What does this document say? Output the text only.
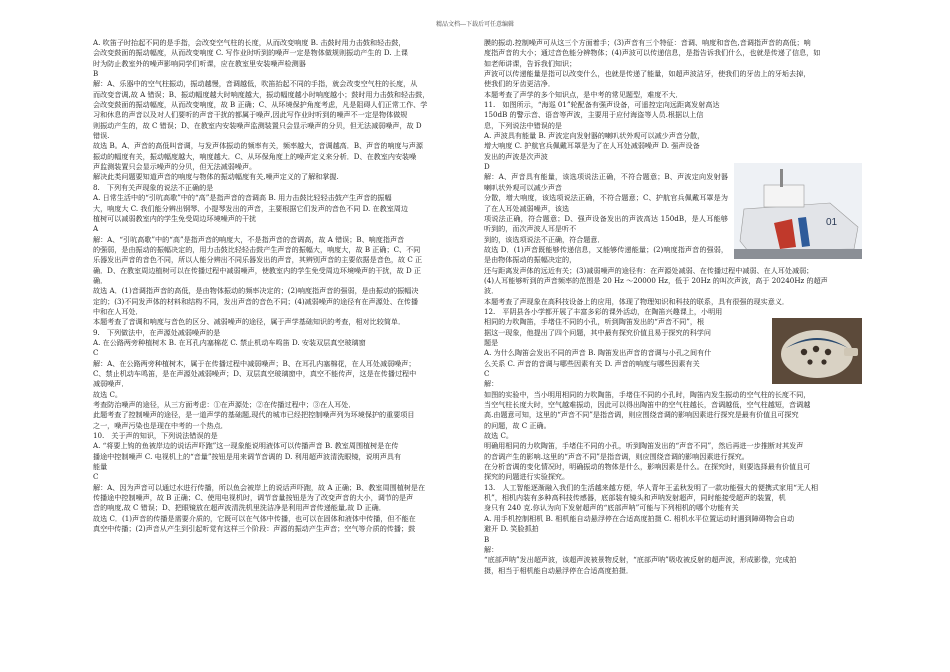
精品文档---下载后可任意编辑

A. 吹笛子时抬起不同的是手指，会改变空气柱的长度，从而改变响度 B. 击鼓时用力击鼓和轻击鼓，

会改变鼓面的振动幅度，从而改变响度 C. 写作业时听到的噪声一定是物体做规则振动产生的 D. 上课

时为防止教室外的噪声影响同学们听课，应在教室里安装噪声检测器

B

解：A、乐器中的空气柱振动，振动越慢，音调越低，吹笛抬起不同的手指，就会改变空气柱的长度，从

而改变音调,故 A 错误；B、振动幅度越大时响度越大，振动幅度越小时响度越小；鼓时用力击鼓和轻击鼓，

会改变鼓面的振动幅度，从而改变响度，故 B 正确；C、从环境保护角度考虑，凡是阻碍人们正常工作、学

习和休息的声音以及对人们要听的声音干扰的都属于噪声,因此写作业时听到的噪声不一定是物体做规

则振动产生的，故 C 错误；D、在教室内安装噪声监测装置只会显示噪声的分贝，但无法减弱噪声，故 D

错误.

故选 B。A、声音的高低叫音调，与发声体振动的频率有关，频率越大，音调越高．B、声音的响度与声源

振动的幅度有关，振动幅度越大，响度越大．C、从环保角度上的噪声定义来分析．D、在教室内安装噪

声监测装置只会显示噪声的分贝，但无法减弱噪声。

解决此类问题要知道声音的响度与物体的振动幅度有关,噪声定义的了解和掌握.

8.　下列有关声现象的说法不正确的是

A. 日常生活中的“引吭高歌”中的“高”是指声音的音调高 B. 用力击鼓比轻轻击鼓产生声音的振幅

大，响度大 C. 我们能分辨出钢琴、小提琴发出的声音，主要根据它们发声的音色不同 D. 在教室周边

植树可以减弱教室内的学生免受周边环境噪声的干扰

A

解：A、“引吭高歌”中的“高”是指声音的响度大，不是指声音的音调高，故 A 错误；B、响度指声音

的强弱，是由振动的振幅决定的，用力击鼓比轻轻击鼓产生声音的振幅大，响度大，故 B 正确；C、不同

乐器发出声音的音色不同，所以人能分辨出不同乐器发出的声音，其辨别声音的主要依据是音色，故 C 正

确．D、在教室周边植树可以在传播过程中减弱噪声，使教室内的学生免受周边环境噪声的干扰，故 D 正

确．

故选 A．(1)音调指声音的高低，是由物体振动的频率决定的；(2)响度指声音的强弱，是由振动的振幅决

定的；(3)不同发声体的材料和结构不同，发出声音的音色不同；(4)减弱噪声的途径有在声源处、在传播

中和在人耳处．

本题考查了音调和响度与音色的区分、减弱噪声的途径，属于声学基础知识的考查，相对比较简单．

9.　下列做法中，在声源处减弱噪声的是

A. 在公路两旁种植树木 B. 在耳孔内塞棉花 C. 禁止机动车鸣笛 D. 安装双层真空玻璃窗

C

解：A、在公路两旁种植树木，属于在传播过程中减弱噪声；B、在耳孔内塞棉花，在人耳处减弱噪声；

C、禁止机动车鸣笛，是在声源处减弱噪声；D、双层真空玻璃窗中，真空不能传声，这是在传播过程中

减弱噪声．

故选 C。

考查防治噪声的途径，从三方面考虑：①在声源处；②在传播过程中；③在人耳处．

此题考查了控制噪声的途径，是一道声学的基础题,现代的城市已经把控制噪声列为环境保护的重要项目

之一，噪声污染也是现在中考的一个热点．

10.　关于声的知识，下列说法错误的是

A. “将要上钩的鱼被岸边的说话声吓跑”这一现象能说明液体可以传播声音 B. 教室周围植树是在传

播途中控制噪声 C. 电视机上的“音量”按钮是用来调节音调的 D. 利用超声波清洗眼镜，说明声具有

能量

C

解：A、因为声音可以通过水进行传播，所以鱼会被岸上的说话声吓跑，故 A 正确；B、教室周围植树是在

传播途中控制噪声，故 B 正确；C、使用电视机时，调节音量按钮是为了改变声音的大小，调节的是声

音的响度,故 C 错误；D、把眼镜放在超声波清洗机里洗洁净是利用声音传递能量,故 D 正确．

故选 C．(1)声音的传播是需要介质的，它既可以在气体中传播，也可以在固体和液体中传播，但不能在

真空中传播；(2)声音从产生到引起听觉有这样三个阶段：声源的振动产生声音；空气等介质的传播；鼓

膜的振动.控制噪声可从这三个方面着手；(3)声音有三个特征：音调、响度和音色,音调指声音的高低；响

度指声音的大小；通过音色能分辨物体；(4)声波可以传递信息，是指告诉我们什么，也就是传递了信息，如

如老师讲课，告诉我们知识；

声波可以传递能量是指可以改变什么，也就是传递了能量，如超声波洁牙，使我们的牙齿上的牙垢去掉，

使我们的牙齿更洁净．

本题考查了声学的多个知识点，是中考的常见题型，难度不大．

11.　如图所示，“海巡 01”轮配备有强声设备，可遥控定向远距离发射高达

150dB 的警示音、语音等声波，主要用于应付海盗等人员.根据以上信

息，下列说法中错误的是

A. 声波具有能量 B. 声波定向发射器的喇叭状外观可以减少声音分散，

增大响度 C. 护航官兵佩戴耳罩是为了在人耳处减弱噪声 D. 强声设备

发出的声波是次声波

01

D

解：A、声音具有能量，该选项说法正确，不符合题意；B、声波定向发射器喇叭状外观可以减少声音

分散，增大响度，该选项说法正确，不符合题意；C、护航官兵佩戴耳罩是为了在人耳处减弱噪声，该选

项说法正确，符合题意；D、强声设备发出的声波高达 150dB，是人耳能够听到的，而次声波人耳是听不

到的，该选项说法不正确，符合题意．

故选 D．(1)声音既能够传递信息，又能够传递能量；(2)响度指声音的强弱，是由物体振动的振幅决定的，

还与距离发声体的远近有关；(3)减弱噪声的途径有：在声源处减弱、在传播过程中减弱、在人耳处减弱；

(4)人耳能够听到的声音频率的范围是 20 Hz ～20000 Hz，低于 20Hz 的叫次声波，高于 20240Hz 的超声

波．

本题考查了声现象在高科技设备上的应用，体现了物理知识和科技的联系，具有很强的现实意义．

12.　平阴县各小学都开展了丰富多彩的课外活动，在陶笛兴趣课上，小明用

相同的力吹陶笛，手堵住不同的小孔，听到陶笛发出的“声音不同”，根

据这一现象，他提出了四个问题，其中最有探究价值且易于探究的科学问

题是

A. 为什么陶笛会发出不同的声音 B. 陶笛发出声音的音调与小孔之间有什

么关系 C. 声音的音调与哪些因素有关 D. 声音的响度与哪些因素有关

C

解：

如图的实验中，当小明用相同的力吹陶笛，手堵住不同的小孔时，陶笛内发生振动的空气柱的长度不同，

当空气柱长度大时，空气越难振动，因此可以得出陶笛中的空气柱越长，音调越低，空气柱越短，音调越

高.由题意可知，这里的“声音不同”是指音调，则应围绕音调的影响因素进行探究是最有价值且可探究

的问题，故 C 正确。

故选 C。

明确用相同的力吹陶笛，手堵住不同的小孔，听到陶笛发出的“声音不同”，然后再进一步推断对其发声

的音调产生的影响.这里的“声音不同”是指音调，则应围绕音调的影响因素进行探究。

在分析音调的变化情况时，明确振动的物体是什么，影响因素是什么。在探究时，则要选择最有价值且可

探究的问题进行实验探究。

13.　人工智能逐渐融入我们的生活越来越方便，华人青年王孟秋发明了一款功能强大的便携式家用“无人相

机”，相机内装有多种高科技传感器，底部装有镜头和声呐发射超声，同时能接受超声的装置，机

身只有 240 克.你认为向下发射超声的“底部声呐”可能与下列相机的哪个功能有关

A. 用手机控制相机 B. 相机能自动悬浮停在合适高度拍摄 C. 相机水平位置运动时遇到障碍物会自动

避开 D. 笑脸抓拍

B

解：

“底部声呐”发出超声波，该超声波被景物反射，“底部声呐”吸收被反射的超声波，形成影像，完成拍

摄，相当于相机能自动悬浮停在合适高度拍摄．
